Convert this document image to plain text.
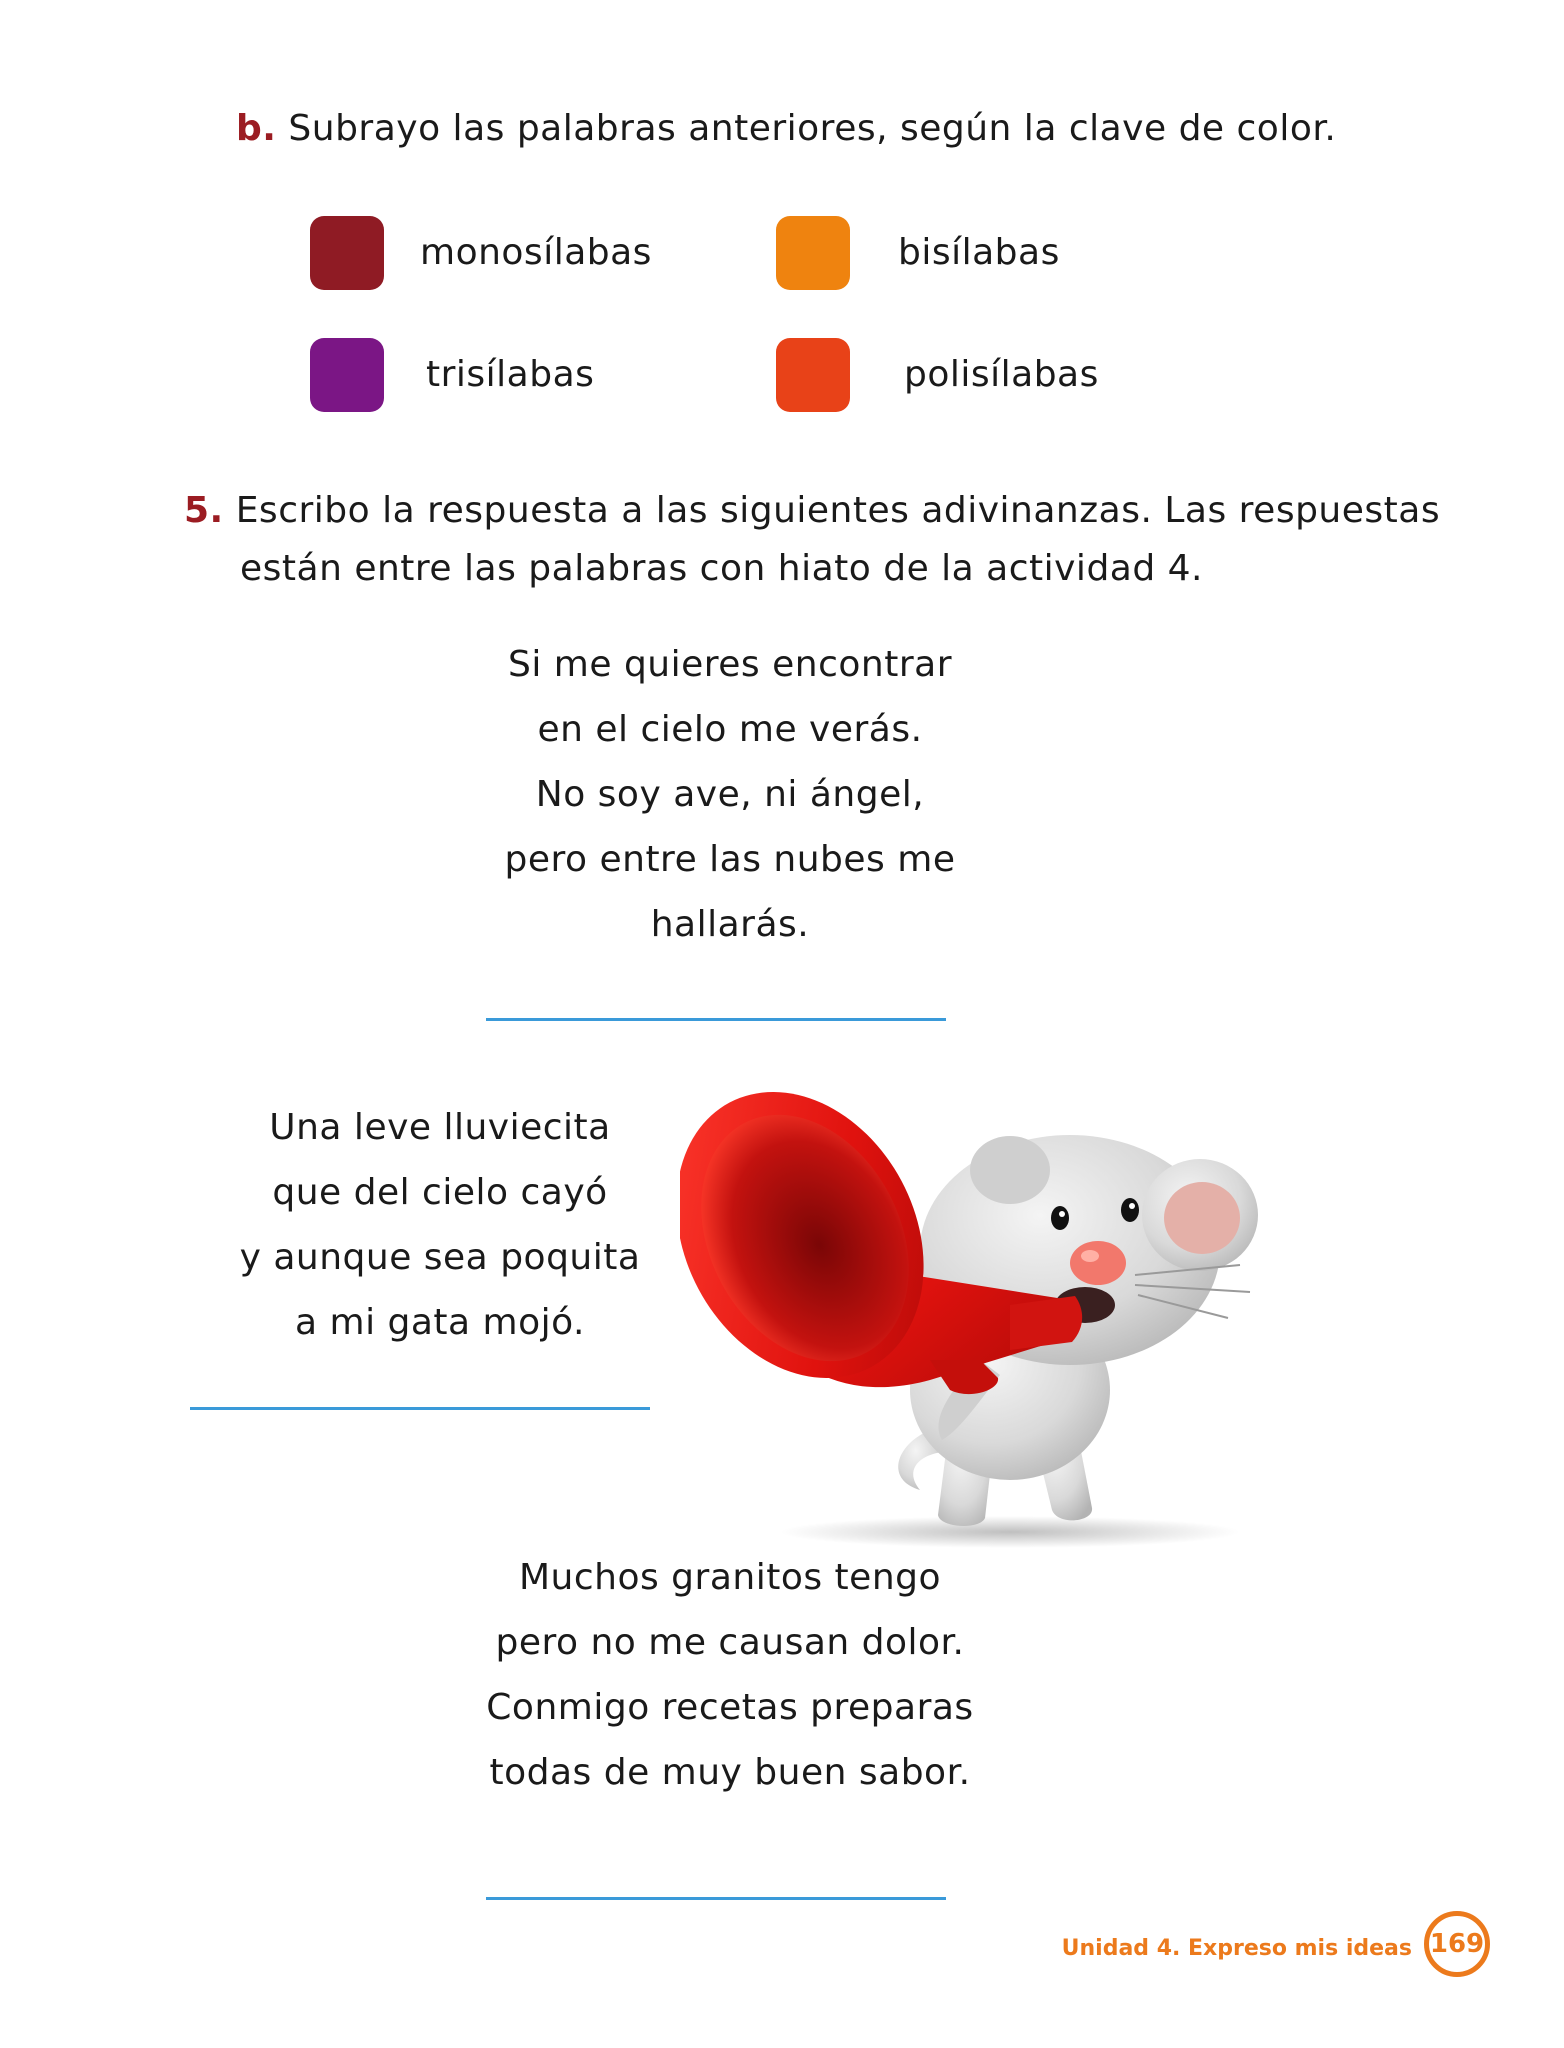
b. Subrayo las palabras anteriores, según la clave de color.
monosílabas	bisílabas
trisílabas	polisílabas
5. Escribo la respuesta a las siguientes adivinanzas. Las respuestas
están entre las palabras con hiato de la actividad 4.
Si me quieres encontrar
en el cielo me verás.
No soy ave, ni ángel,
pero entre las nubes me
hallarás.
Una leve lluviecita
que del cielo cayó
y aunque sea poquita
a mi gata mojó.
Muchos granitos tengo
pero no me causan dolor.
Conmigo recetas preparas
todas de muy buen sabor.
Unidad 4. Expreso mis ideas 169
